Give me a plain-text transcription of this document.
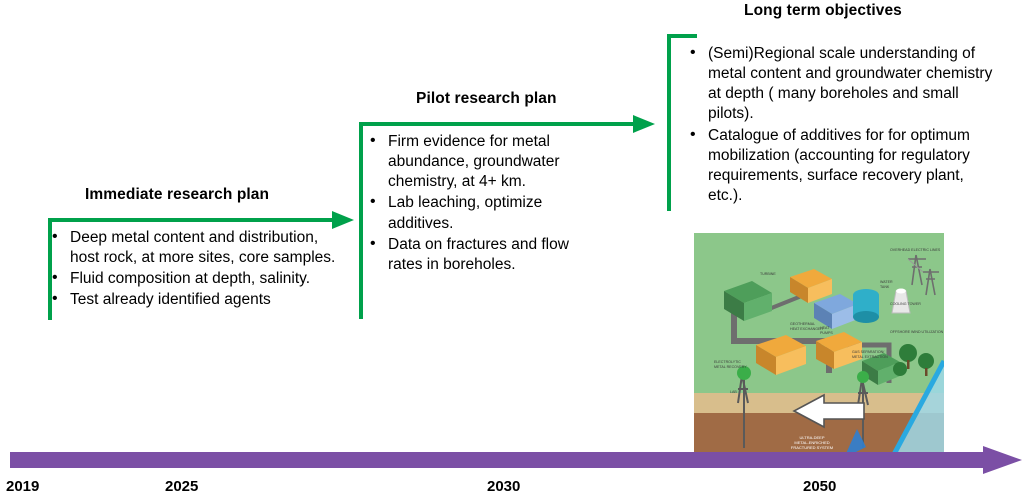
Immediate research plan
• Deep metal content and distribution, host rock, at more sites, core samples.
• Fluid composition at depth, salinity.
• Test already identified agents
Pilot research plan
• Firm evidence for metal abundance, groundwater chemistry, at 4+ km.
• Lab leaching, optimize additives.
• Data on fractures and flow rates in boreholes.
Long term objectives
• (Semi)Regional scale understanding of metal content and groundwater chemistry at depth ( many boreholes and small pilots).
• Catalogue of additives for for optimum mobilization (accounting for regulatory requirements, surface recovery plant, etc.).
ULTRA-DEEP
METAL-ENRICHED
FRACTURED SYSTEM
OVERHEAD ELECTRIC LINES
WATER
TANK
COOLING TOWER
OFFSHORE WIND UTILIZATION
TURBINE
GEOTHERMAL
HEAT EXCHANGER
ELECTROLYTIC
METAL RECOVERY
HEAT
PUMPS
GAS SEPARATION/
METAL EXTRACTION
LAB
2019	2025	2030	2050
